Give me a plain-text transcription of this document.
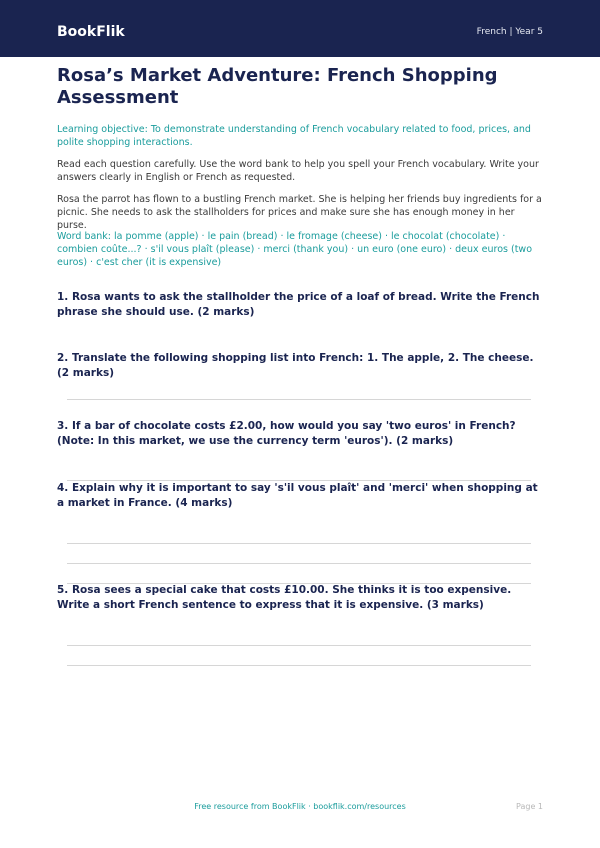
BookFlik	French | Year 5
Rosa’s Market Adventure: French Shopping Assessment

Learning objective: To demonstrate understanding of French vocabulary related to food, prices, and polite shopping interactions.

Read each question carefully. Use the word bank to help you spell your French vocabulary. Write your answers clearly in English or French as requested.

Rosa the parrot has flown to a bustling French market. She is helping her friends buy ingredients for a picnic. She needs to ask the stallholders for prices and make sure she has enough money in her purse.

Word bank: la pomme (apple) · le pain (bread) · le fromage (cheese) · le chocolat (chocolate) · combien coûte...? · s'il vous plaît (please) · merci (thank you) · un euro (one euro) · deux euros (two euros) · c'est cher (it is expensive)

1. Rosa wants to ask the stallholder the price of a loaf of bread. Write the French phrase she should use. (2 marks)

2. Translate the following shopping list into French: 1. The apple, 2. The cheese. (2 marks)

3. If a bar of chocolate costs £2.00, how would you say 'two euros' in French? (Note: In this market, we use the currency term 'euros'). (2 marks)

4. Explain why it is important to say 's'il vous plaît' and 'merci' when shopping at a market in France. (4 marks)

5. Rosa sees a special cake that costs £10.00. She thinks it is too expensive. Write a short French sentence to express that it is expensive. (3 marks)

Free resource from BookFlik · bookflik.com/resources	Page 1
